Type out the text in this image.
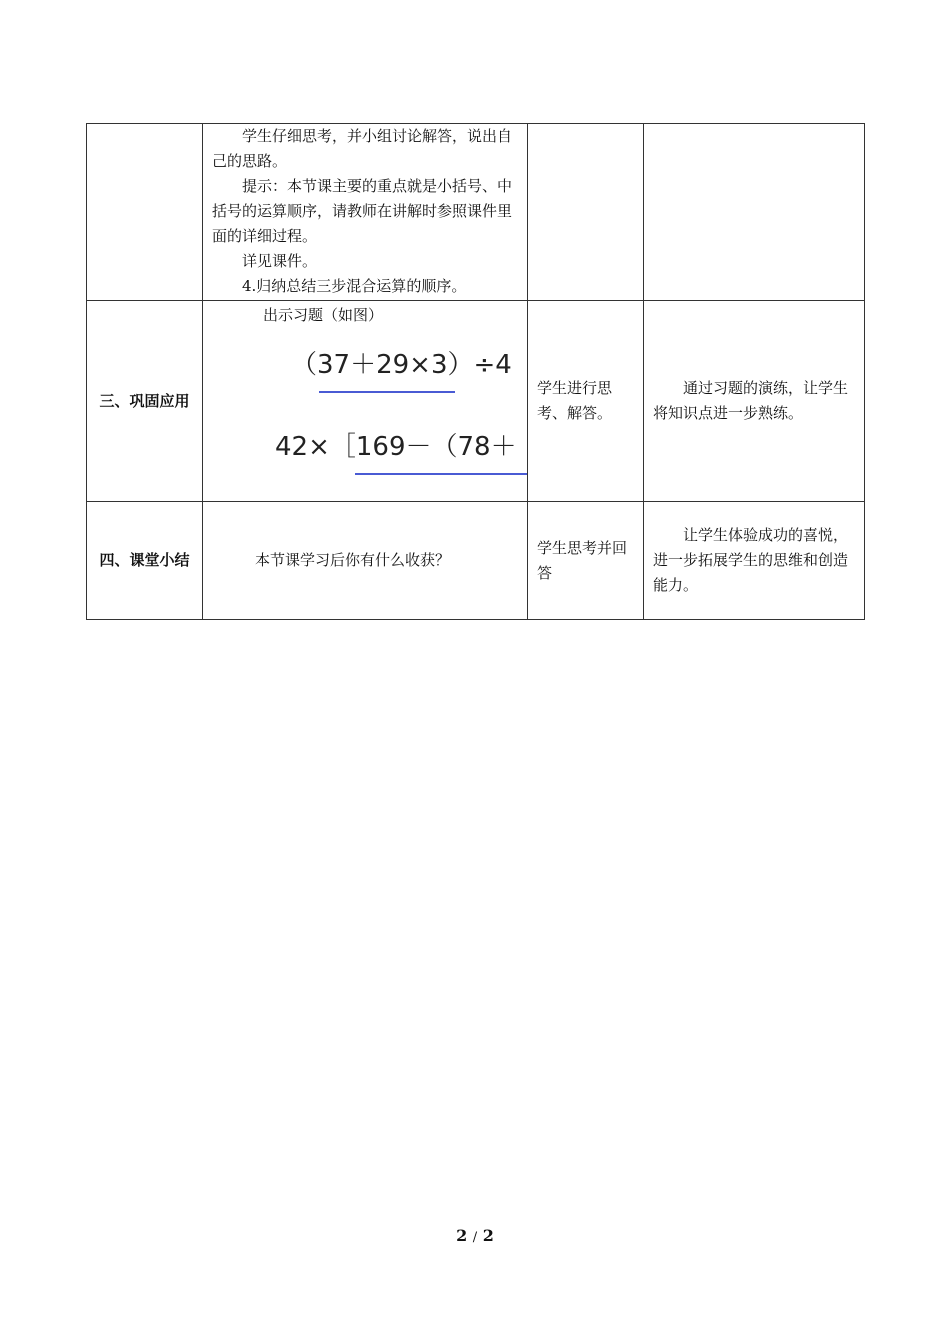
	学生仔细思考，并小组讨论解答，说出自己的思路。

提示：本节课主要的重点就是小括号、中括号的运算顺序，请教师在讲解时参照课件里面的详细过程。

详见课件。

4.归纳总结三步混合运算的顺序。		

三、巩固应用	出示习题（如图）
（37＋29×3）÷4
42×［169－（78＋	学生进行思考、解答。	通过习题的演练，让学生将知识点进一步熟练。

四、课堂小结	本节课学习后你有什么收获？	学生思考并回答	让学生体验成功的喜悦，进一步拓展学生的思维和创造能力。

2 / 2
